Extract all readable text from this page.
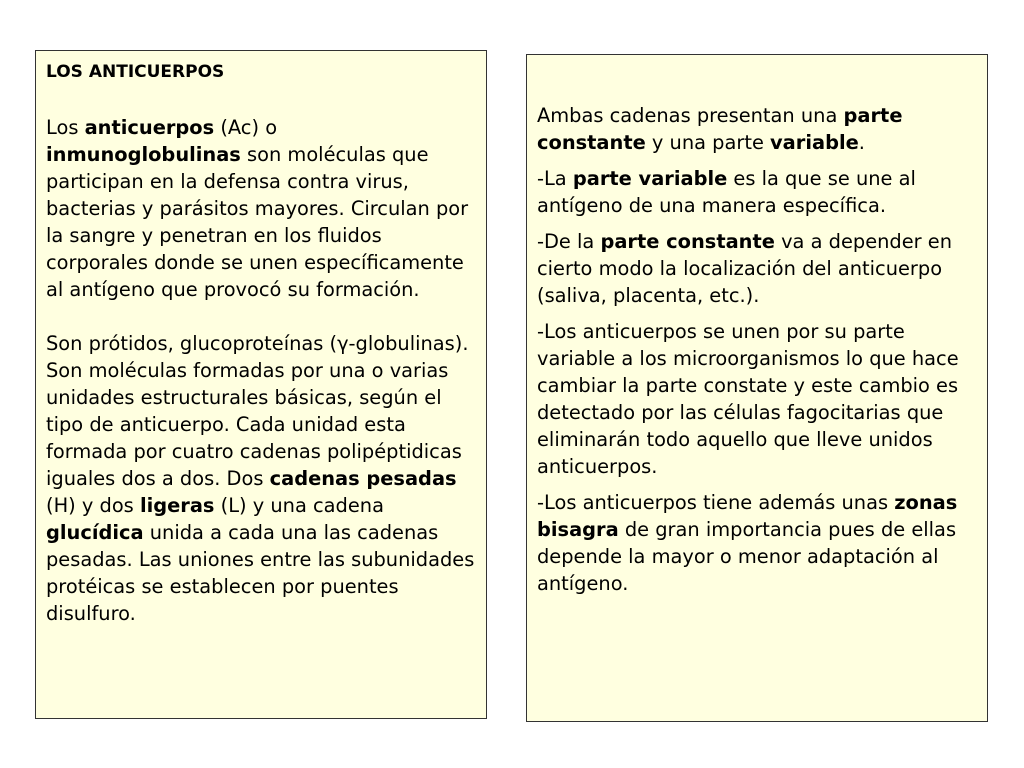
LOS ANTICUERPOS

Los anticuerpos (Ac) o inmunoglobulinas son moléculas que participan en la defensa contra virus, bacterias y parásitos mayores. Circulan por la sangre y penetran en los fluidos corporales donde se unen específicamente al antígeno que provocó su formación.

Son prótidos, glucoproteínas (γ-globulinas). Son moléculas formadas por una o varias unidades estructurales básicas, según el tipo de anticuerpo. Cada unidad esta formada por cuatro cadenas polipéptidicas iguales dos a dos. Dos cadenas pesadas (H) y dos ligeras (L) y una cadena glucídica unida a cada una las cadenas pesadas. Las uniones entre las subunidades protéicas se establecen por puentes disulfuro.

Ambas cadenas presentan una parte constante y una parte variable.

-La parte variable es la que se une al antígeno de una manera específica.

-De la parte constante va a depender en cierto modo la localización del anticuerpo (saliva, placenta, etc.).

-Los anticuerpos se unen por su parte variable a los microorganismos lo que hace cambiar la parte constate y este cambio es detectado por las células fagocitarias que eliminarán todo aquello que lleve unidos anticuerpos.

-Los anticuerpos tiene además unas zonas bisagra de gran importancia pues de ellas depende la mayor o menor adaptación al antígeno.
